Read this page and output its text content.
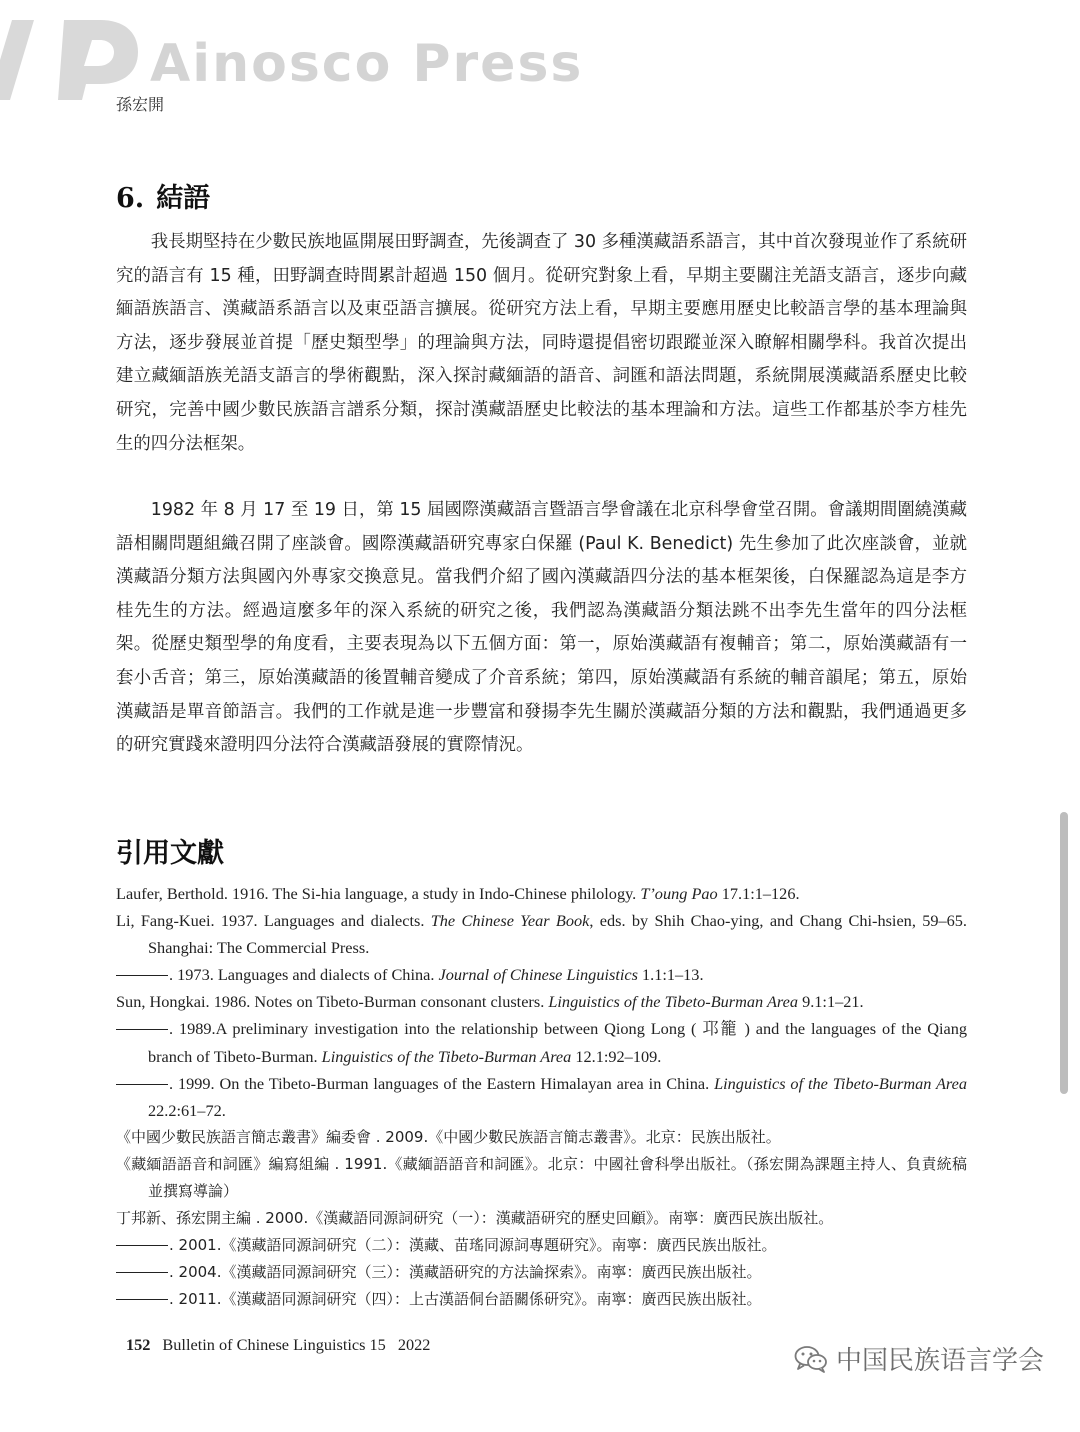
Ainosco Press
孫宏開
6. 結語

我長期堅持在少數民族地區開展田野調查，先後調查了 30 多種漢藏語系語言，其中首次發現並作了系統研究的語言有 15 種，田野調查時間累計超過 150 個月。從研究對象上看，早期主要關注羌語支語言，逐步向藏緬語族語言、漢藏語系語言以及東亞語言擴展。從研究方法上看，早期主要應用歷史比較語言學的基本理論與方法，逐步發展並首提「歷史類型學」的理論與方法，同時還提倡密切跟蹤並深入瞭解相關學科。我首次提出建立藏緬語族羌語支語言的學術觀點，深入探討藏緬語的語音、詞匯和語法問題，系統開展漢藏語系歷史比較研究，完善中國少數民族語言譜系分類，探討漢藏語歷史比較法的基本理論和方法。這些工作都基於李方桂先生的四分法框架。

1982 年 8 月 17 至 19 日，第 15 屆國際漢藏語言暨語言學會議在北京科學會堂召開。會議期間圍繞漢藏語相關問題組織召開了座談會。國際漢藏語研究專家白保羅 (Paul K. Benedict) 先生參加了此次座談會，並就漢藏語分類方法與國內外專家交換意見。當我們介紹了國內漢藏語四分法的基本框架後，白保羅認為這是李方桂先生的方法。經過這麼多年的深入系統的研究之後，我們認為漢藏語分類法跳不出李先生當年的四分法框架。從歷史類型學的角度看，主要表現為以下五個方面：第一，原始漢藏語有複輔音；第二，原始漢藏語有一套小舌音；第三，原始漢藏語的後置輔音變成了介音系統；第四，原始漢藏語有系統的輔音韻尾；第五，原始漢藏語是單音節語言。我們的工作就是進一步豐富和發揚李先生關於漢藏語分類的方法和觀點，我們通過更多的研究實踐來證明四分法符合漢藏語發展的實際情況。

引用文獻
Laufer, Berthold. 1916. The Si-hia language, a study in Indo-Chinese philology. T’oung Pao 17.1:1–126.
Li, Fang-Kuei. 1937. Languages and dialects. The Chinese Year Book, eds. by Shih Chao-ying, and Chang Chi-hsien, 59–65. Shanghai: The Commercial Press.
. 1973. Languages and dialects of China. Journal of Chinese Linguistics 1.1:1–13.
Sun, Hongkai. 1986. Notes on Tibeto-Burman consonant clusters. Linguistics of the Tibeto-Burman Area 9.1:1–21.
. 1989.A preliminary investigation into the relationship between Qiong Long ( 邛籠 ) and the languages of the Qiang branch of Tibeto-Burman. Linguistics of the Tibeto-Burman Area 12.1:92–109.
. 1999. On the Tibeto-Burman languages of the Eastern Himalayan area in China. Linguistics of the Tibeto-Burman Area 22.2:61–72.
《中國少數民族語言簡志叢書》編委會 . 2009.《中國少數民族語言簡志叢書》。北京：民族出版社。
《藏緬語語音和詞匯》編寫組編 . 1991.《藏緬語語音和詞匯》。北京：中國社會科學出版社。（孫宏開為課題主持人、負責統稿並撰寫導論）
丁邦新、孫宏開主編 . 2000.《漢藏語同源詞研究（一）：漢藏語研究的歷史回顧》。南寧：廣西民族出版社。
. 2001.《漢藏語同源詞研究（二）：漢藏、苗瑤同源詞專題研究》。南寧：廣西民族出版社。
. 2004.《漢藏語同源詞研究（三）：漢藏語研究的方法論探索》。南寧：廣西民族出版社。
. 2011.《漢藏語同源詞研究（四）：上古漢語侗台語關係研究》。南寧：廣西民族出版社。
152 Bulletin of Chinese Linguistics 15 2022
中国民族语言学会
